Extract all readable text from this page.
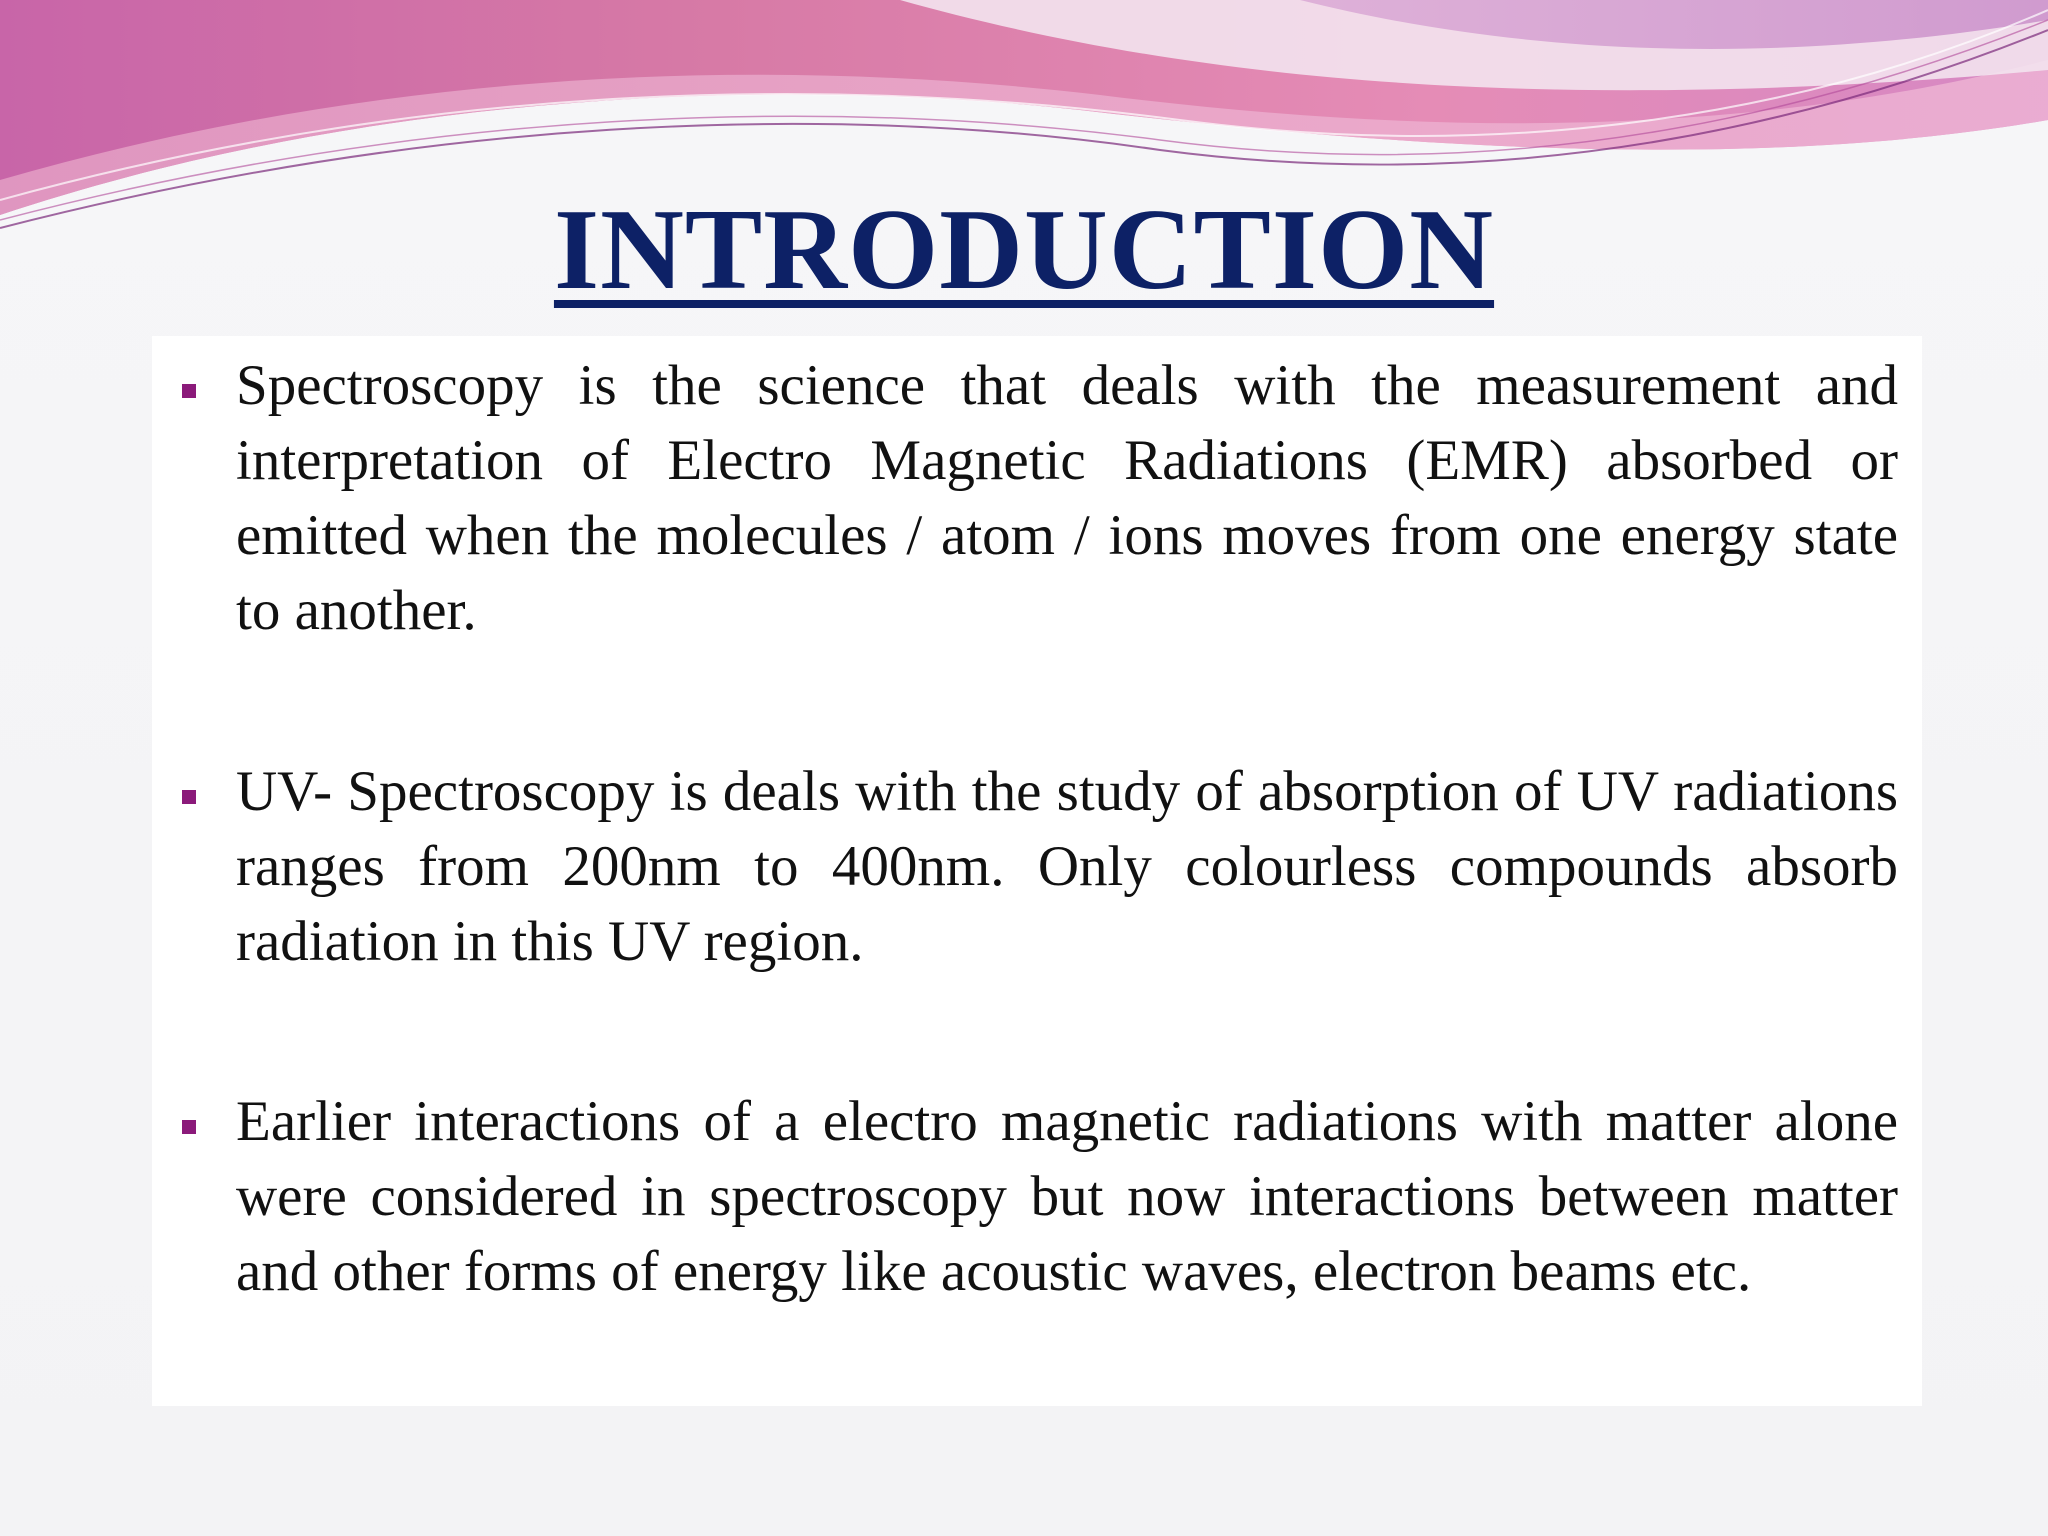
INTRODUCTION

Spectroscopy is the science that deals with the measurement and interpretation of Electro Magnetic Radiations (EMR) absorbed or emitted when the molecules / atom / ions moves from one energy state to another.

UV- Spectroscopy is deals with the study of absorption of UV radiations ranges from 200nm to 400nm. Only colourless compounds absorb radiation in this UV region.

Earlier interactions of a electro magnetic radiations with matter alone were considered in spectroscopy but now interactions between matter and other forms of energy like acoustic waves, electron beams etc.
